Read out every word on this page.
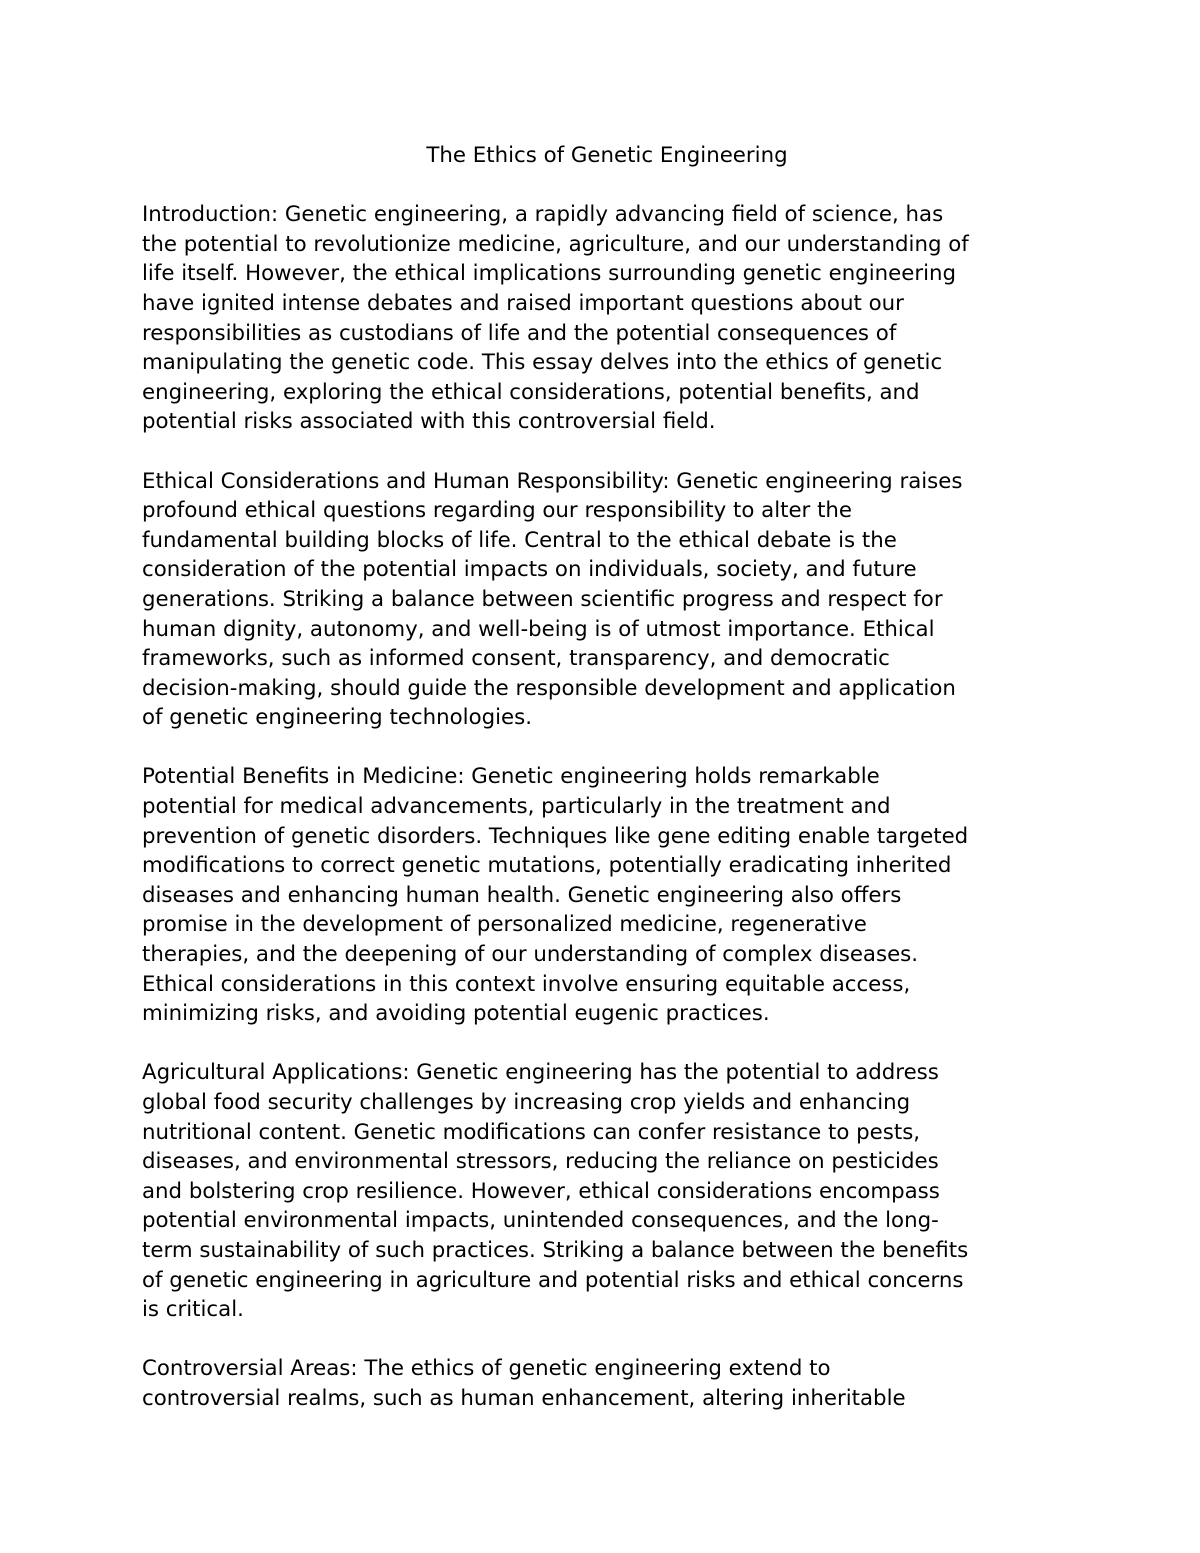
The Ethics of Genetic Engineering
Introduction: Genetic engineering, a rapidly advancing field of science, has
the potential to revolutionize medicine, agriculture, and our understanding of
life itself. However, the ethical implications surrounding genetic engineering
have ignited intense debates and raised important questions about our
responsibilities as custodians of life and the potential consequences of
manipulating the genetic code. This essay delves into the ethics of genetic
engineering, exploring the ethical considerations, potential benefits, and
potential risks associated with this controversial field.
Ethical Considerations and Human Responsibility: Genetic engineering raises
profound ethical questions regarding our responsibility to alter the
fundamental building blocks of life. Central to the ethical debate is the
consideration of the potential impacts on individuals, society, and future
generations. Striking a balance between scientific progress and respect for
human dignity, autonomy, and well-being is of utmost importance. Ethical
frameworks, such as informed consent, transparency, and democratic
decision-making, should guide the responsible development and application
of genetic engineering technologies.
Potential Benefits in Medicine: Genetic engineering holds remarkable
potential for medical advancements, particularly in the treatment and
prevention of genetic disorders. Techniques like gene editing enable targeted
modifications to correct genetic mutations, potentially eradicating inherited
diseases and enhancing human health. Genetic engineering also offers
promise in the development of personalized medicine, regenerative
therapies, and the deepening of our understanding of complex diseases.
Ethical considerations in this context involve ensuring equitable access,
minimizing risks, and avoiding potential eugenic practices.
Agricultural Applications: Genetic engineering has the potential to address
global food security challenges by increasing crop yields and enhancing
nutritional content. Genetic modifications can confer resistance to pests,
diseases, and environmental stressors, reducing the reliance on pesticides
and bolstering crop resilience. However, ethical considerations encompass
potential environmental impacts, unintended consequences, and the long-
term sustainability of such practices. Striking a balance between the benefits
of genetic engineering in agriculture and potential risks and ethical concerns
is critical.
Controversial Areas: The ethics of genetic engineering extend to
controversial realms, such as human enhancement, altering inheritable
